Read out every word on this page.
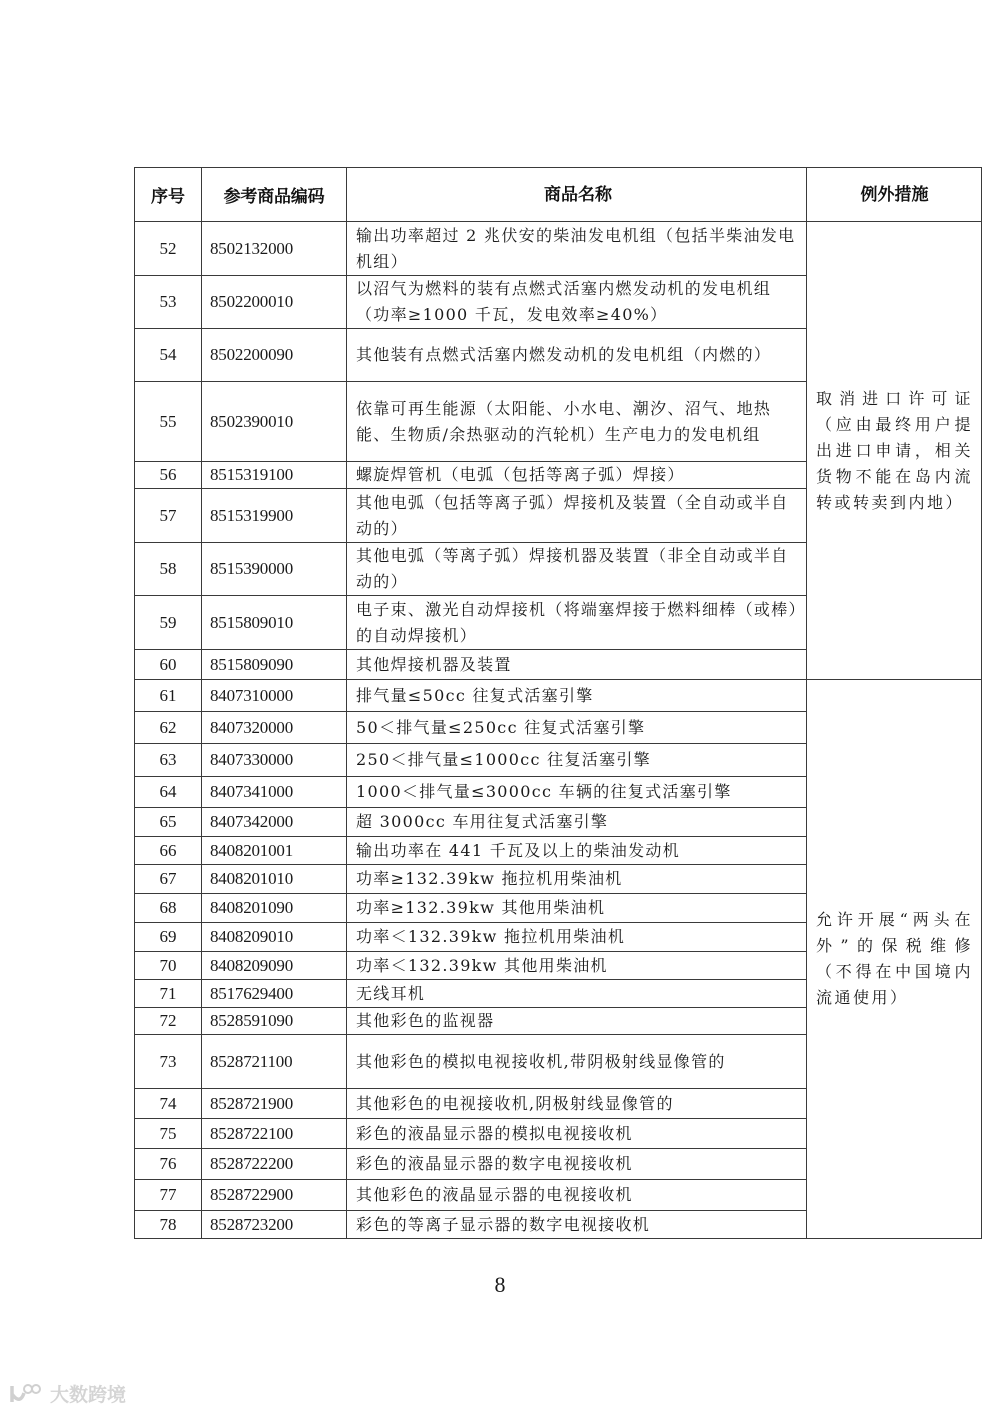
序号	参考商品编码	商品名称	例外措施
52	8502132000	输出功率超过 2 兆伏安的柴油发电机组（包括半柴油发电机组）	取消进口许可证（应由最终用户提出进口申请，相关货物不能在岛内流转或转卖到内地）
53	8502200010	以沼气为燃料的装有点燃式活塞内燃发动机的发电机组（功率≥1000 千瓦，发电效率≥40%）	
54	8502200090	其他装有点燃式活塞内燃发动机的发电机组（内燃的）	
55	8502390010	依靠可再生能源（太阳能、小水电、潮汐、沼气、地热能、生物质/余热驱动的汽轮机）生产电力的发电机组	
56	8515319100	螺旋焊管机（电弧（包括等离子弧）焊接）	
57	8515319900	其他电弧（包括等离子弧）焊接机及装置（全自动或半自动的）	
58	8515390000	其他电弧（等离子弧）焊接机器及装置（非全自动或半自动的）	
59	8515809010	电子束、激光自动焊接机（将端塞焊接于燃料细棒（或棒）的自动焊接机）	
60	8515809090	其他焊接机器及装置	
61	8407310000	排气量≤50cc 往复式活塞引擎	允许开展“两头在外”的保税维修（不得在中国境内流通使用）
62	8407320000	50＜排气量≤250cc 往复式活塞引擎	
63	8407330000	250＜排气量≤1000cc 往复活塞引擎	
64	8407341000	1000＜排气量≤3000cc 车辆的往复式活塞引擎	
65	8407342000	超 3000cc 车用往复式活塞引擎	
66	8408201001	输出功率在 441 千瓦及以上的柴油发动机	
67	8408201010	功率≥132.39kw 拖拉机用柴油机	
68	8408201090	功率≥132.39kw 其他用柴油机	
69	8408209010	功率＜132.39kw 拖拉机用柴油机	
70	8408209090	功率＜132.39kw 其他用柴油机	
71	8517629400	无线耳机	
72	8528591090	其他彩色的监视器	
73	8528721100	其他彩色的模拟电视接收机,带阴极射线显像管的	
74	8528721900	其他彩色的电视接收机,阴极射线显像管的	
75	8528722100	彩色的液晶显示器的模拟电视接收机	
76	8528722200	彩色的液晶显示器的数字电视接收机	
77	8528722900	其他彩色的液晶显示器的电视接收机	
78	8528723200	彩色的等离子显示器的数字电视接收机	
8
大数跨境
